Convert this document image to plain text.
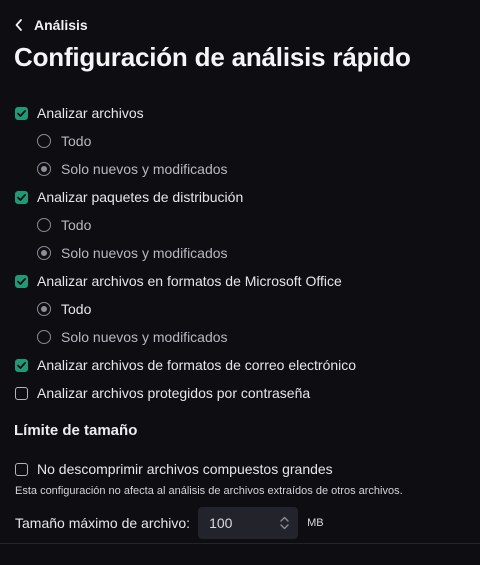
Análisis
Configuración de análisis rápido
Analizar archivos
Todo
Solo nuevos y modificados
Analizar paquetes de distribución
Todo
Solo nuevos y modificados
Analizar archivos en formatos de Microsoft Office
Todo
Solo nuevos y modificados
Analizar archivos de formatos de correo electrónico
Analizar archivos protegidos por contraseña
Límite de tamaño
No descomprimir archivos compuestos grandes
Esta configuración no afecta al análisis de archivos extraídos de otros archivos.
Tamaño máximo de archivo: 100	MB
